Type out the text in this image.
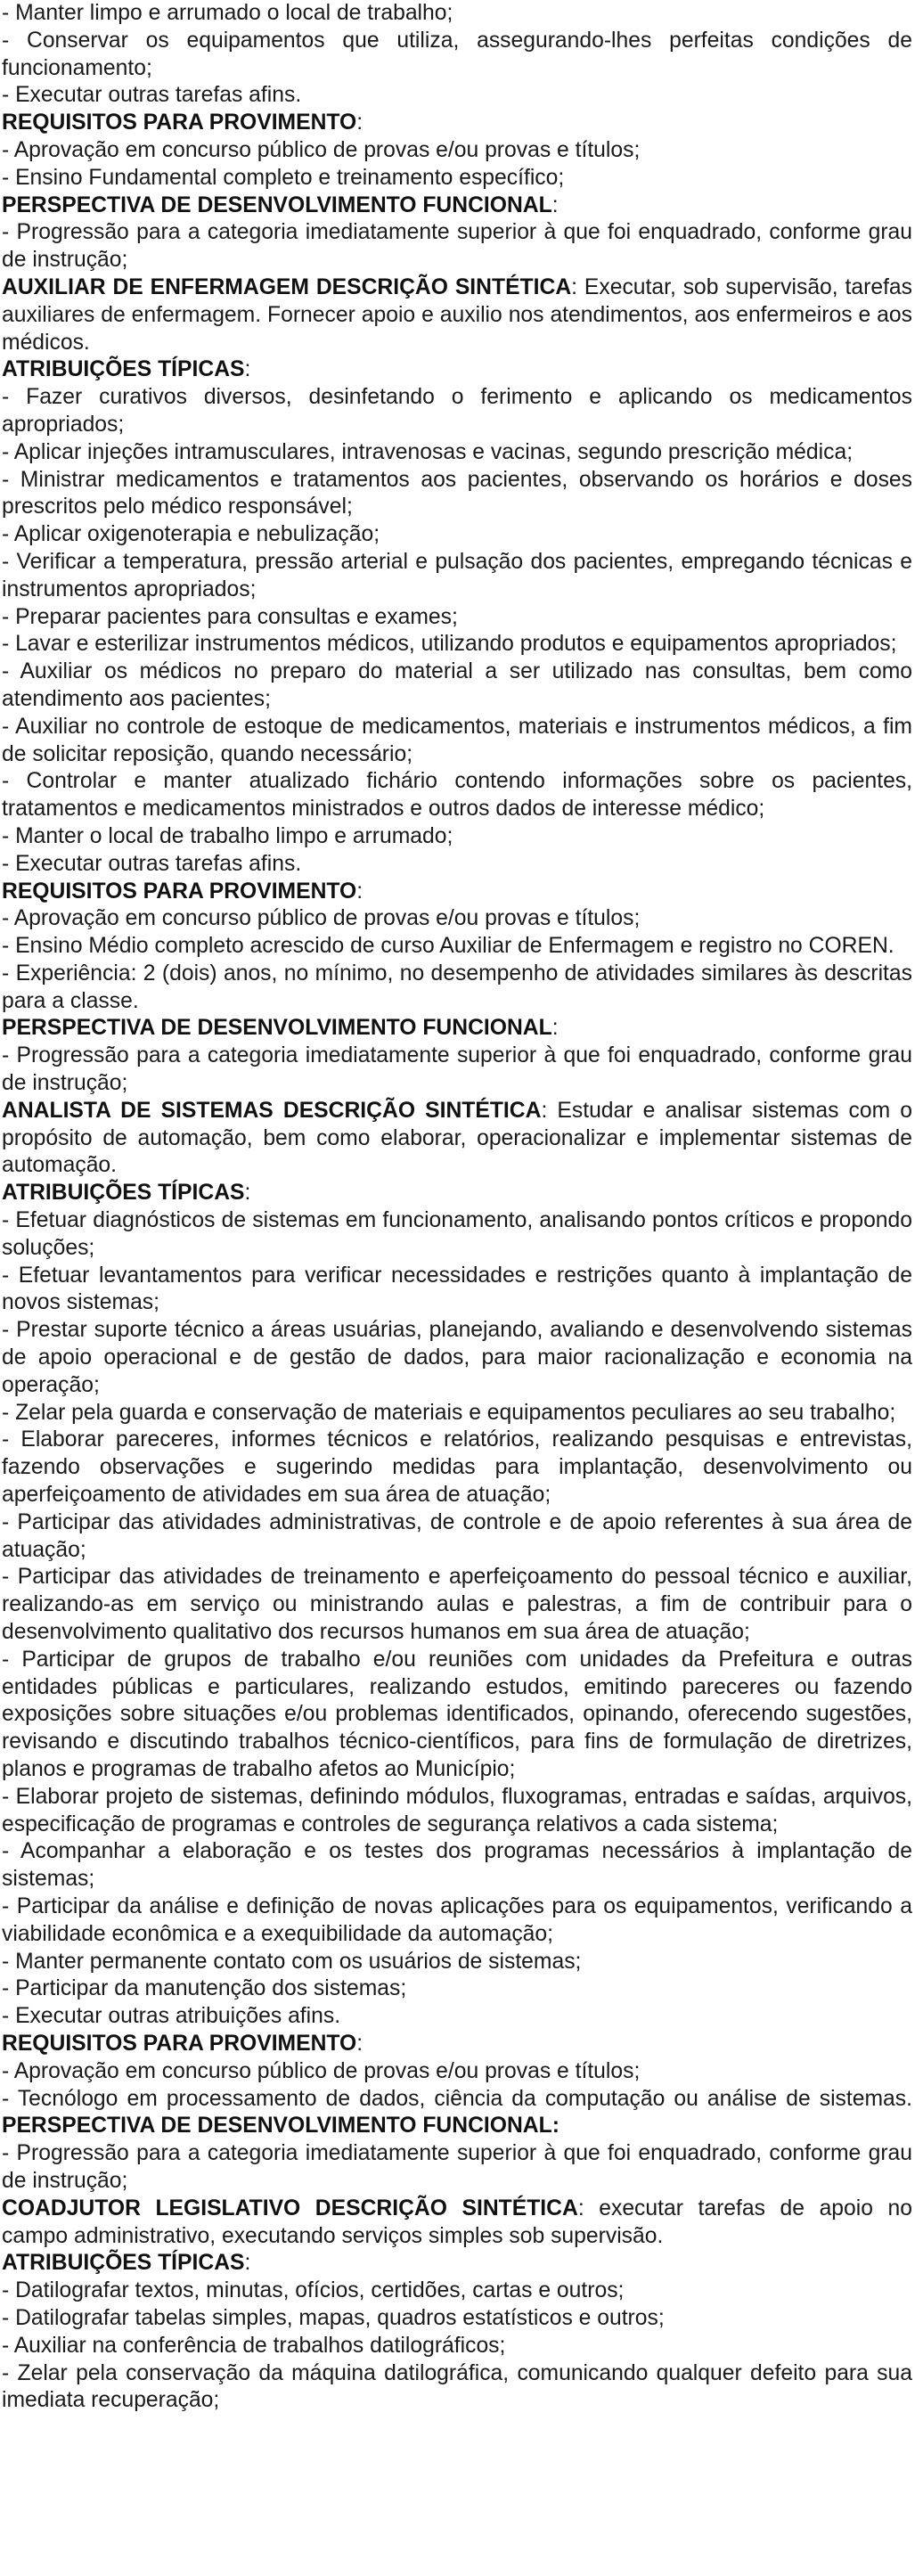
- Manter limpo e arrumado o local de trabalho;

- Conservar os equipamentos que utiliza, assegurando-lhes perfeitas condições de funcionamento;

- Executar outras tarefas afins.

REQUISITOS PARA PROVIMENTO:

- Aprovação em concurso público de provas e/ou provas e títulos;

- Ensino Fundamental completo e treinamento específico;

PERSPECTIVA DE DESENVOLVIMENTO FUNCIONAL:

- Progressão para a categoria imediatamente superior à que foi enquadrado, conforme grau de instrução;

AUXILIAR DE ENFERMAGEM DESCRIÇÃO SINTÉTICA: Executar, sob supervisão, tarefas auxiliares de enfermagem. Fornecer apoio e auxilio nos atendimentos, aos enfermeiros e aos médicos.

ATRIBUIÇÕES TÍPICAS:

- Fazer curativos diversos, desinfetando o ferimento e aplicando os medicamentos apropriados;

- Aplicar injeções intramusculares, intravenosas e vacinas, segundo prescrição médica;

- Ministrar medicamentos e tratamentos aos pacientes, observando os horários e doses prescritos pelo médico responsável;

- Aplicar oxigenoterapia e nebulização;

- Verificar a temperatura, pressão arterial e pulsação dos pacientes, empregando técnicas e instrumentos apropriados;

- Preparar pacientes para consultas e exames;

- Lavar e esterilizar instrumentos médicos, utilizando produtos e equipamentos apropriados;

- Auxiliar os médicos no preparo do material a ser utilizado nas consultas, bem como atendimento aos pacientes;

- Auxiliar no controle de estoque de medicamentos, materiais e instrumentos médicos, a fim de solicitar reposição, quando necessário;

- Controlar e manter atualizado fichário contendo informações sobre os pacientes, tratamentos e medicamentos ministrados e outros dados de interesse médico;

- Manter o local de trabalho limpo e arrumado;

- Executar outras tarefas afins.

REQUISITOS PARA PROVIMENTO:

- Aprovação em concurso público de provas e/ou provas e títulos;

- Ensino Médio completo acrescido de curso Auxiliar de Enfermagem e registro no COREN.

- Experiência: 2 (dois) anos, no mínimo, no desempenho de atividades similares às descritas para a classe.

PERSPECTIVA DE DESENVOLVIMENTO FUNCIONAL:

- Progressão para a categoria imediatamente superior à que foi enquadrado, conforme grau de instrução;

ANALISTA DE SISTEMAS DESCRIÇÃO SINTÉTICA: Estudar e analisar sistemas com o propósito de automação, bem como elaborar, operacionalizar e implementar sistemas de automação.

ATRIBUIÇÕES TÍPICAS:

- Efetuar diagnósticos de sistemas em funcionamento, analisando pontos críticos e propondo soluções;

- Efetuar levantamentos para verificar necessidades e restrições quanto à implantação de novos sistemas;

- Prestar suporte técnico a áreas usuárias, planejando, avaliando e desenvolvendo sistemas de apoio operacional e de gestão de dados, para maior racionalização e economia na operação;

- Zelar pela guarda e conservação de materiais e equipamentos peculiares ao seu trabalho;

- Elaborar pareceres, informes técnicos e relatórios, realizando pesquisas e entrevistas, fazendo observações e sugerindo medidas para implantação, desenvolvimento ou aperfeiçoamento de atividades em sua área de atuação;

- Participar das atividades administrativas, de controle e de apoio referentes à sua área de atuação;

- Participar das atividades de treinamento e aperfeiçoamento do pessoal técnico e auxiliar, realizando-as em serviço ou ministrando aulas e palestras, a fim de contribuir para o desenvolvimento qualitativo dos recursos humanos em sua área de atuação;

- Participar de grupos de trabalho e/ou reuniões com unidades da Prefeitura e outras entidades públicas e particulares, realizando estudos, emitindo pareceres ou fazendo exposições sobre situações e/ou problemas identificados, opinando, oferecendo sugestões, revisando e discutindo trabalhos técnico-científicos, para fins de formulação de diretrizes, planos e programas de trabalho afetos ao Município;

- Elaborar projeto de sistemas, definindo módulos, fluxogramas, entradas e saídas, arquivos, especificação de programas e controles de segurança relativos a cada sistema;

- Acompanhar a elaboração e os testes dos programas necessários à implantação de sistemas;

- Participar da análise e definição de novas aplicações para os equipamentos, verificando a viabilidade econômica e a exequibilidade da automação;

- Manter permanente contato com os usuários de sistemas;

- Participar da manutenção dos sistemas;

- Executar outras atribuições afins.

REQUISITOS PARA PROVIMENTO:

- Aprovação em concurso público de provas e/ou provas e títulos;

- Tecnólogo em processamento de dados, ciência da computação ou análise de sistemas. PERSPECTIVA DE DESENVOLVIMENTO FUNCIONAL:

- Progressão para a categoria imediatamente superior à que foi enquadrado, conforme grau de instrução;

COADJUTOR LEGISLATIVO DESCRIÇÃO SINTÉTICA: executar tarefas de apoio no campo administrativo, executando serviços simples sob supervisão.

ATRIBUIÇÕES TÍPICAS:

- Datilografar textos, minutas, ofícios, certidões, cartas e outros;

- Datilografar tabelas simples, mapas, quadros estatísticos e outros;

- Auxiliar na conferência de trabalhos datilográficos;

- Zelar pela conservação da máquina datilográfica, comunicando qualquer defeito para sua imediata recuperação;
